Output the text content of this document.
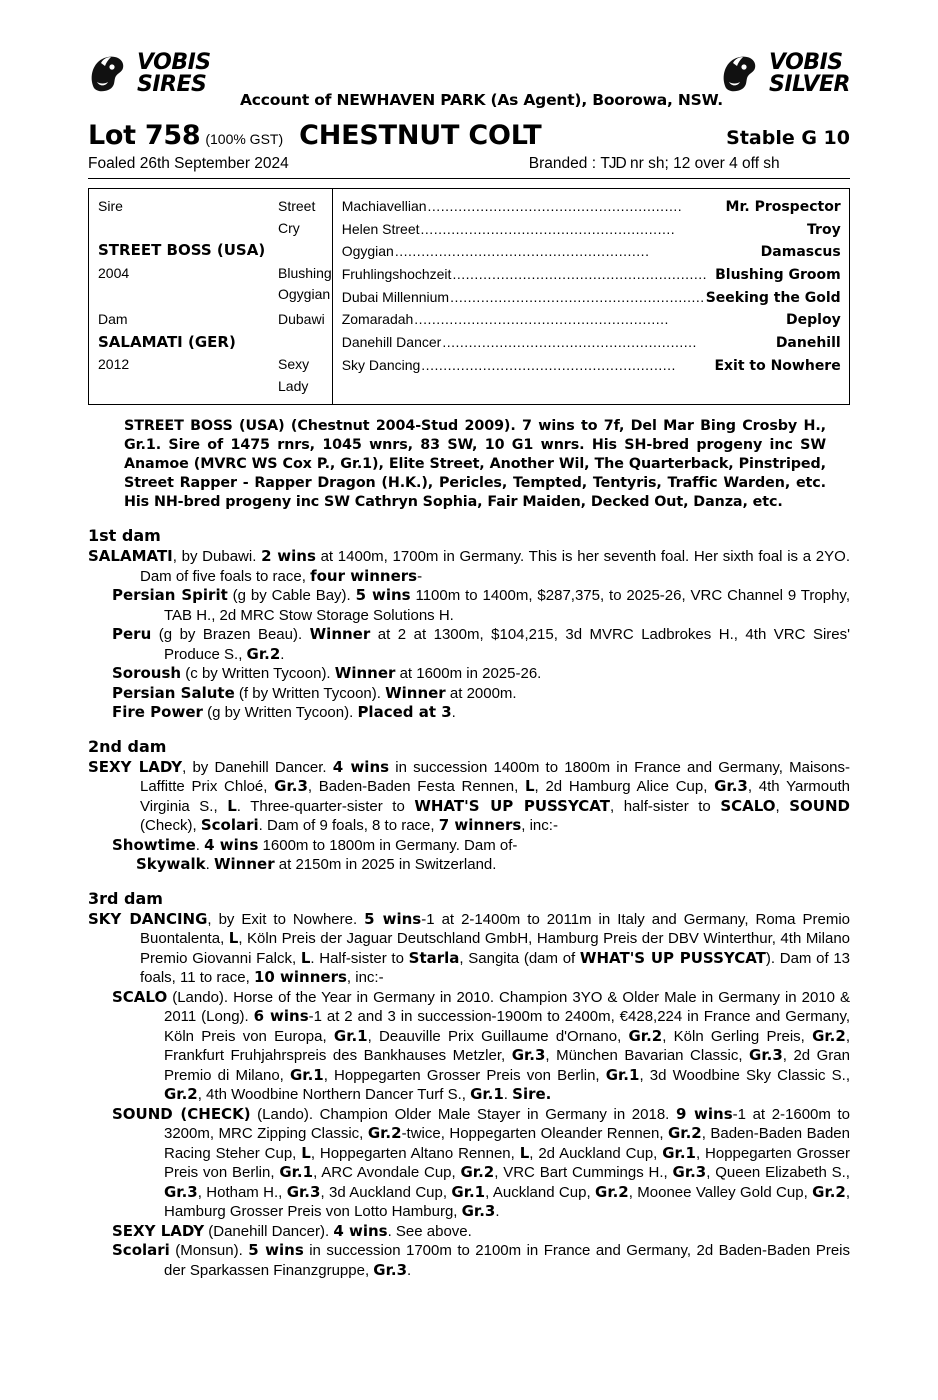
VOBIS
SIRES
VOBIS
SILVER
Account of NEWHAVEN PARK (As Agent), Boorowa, NSW.
Lot 758 (100% GST) CHESTNUT COLT	Stable G 10
Foaled 26th September 2024	Branded :
TJD
nr sh; 12 over 4 off sh
Sire	Street Cry
STREET BOSS (USA)
2004	Blushing Ogygian
Dam	Dubawi
SALAMATI (GER)
2012	Sexy Lady
Machiavellian ..........................................................	Mr. Prospector
Helen Street ..........................................................	Troy
Ogygian ..........................................................	Damascus
Fruhlingshochzeit .......................................................... Blushing Groom
Dubai Millennium .......................................................... Seeking the Gold
Zomaradah ..........................................................	Deploy
Danehill Dancer ..........................................................	Danehill
Sky Dancing ..........................................................	Exit to Nowhere
STREET BOSS (USA) (Chestnut 2004-Stud 2009). 7 wins to 7f, Del Mar Bing Crosby H., Gr.1. Sire of 1475 rnrs, 1045 wnrs, 83 SW, 10 G1 wnrs. His SH-bred progeny inc SW Anamoe (MVRC WS Cox P., Gr.1), Elite Street, Another Wil, The Quarterback, Pinstriped, Street Rapper - Rapper Dragon (H.K.), Pericles, Tempted, Tentyris, Traffic Warden, etc. His NH-bred progeny inc SW Cathryn Sophia, Fair Maiden, Decked Out, Danza, etc.
1st dam
SALAMATI, by Dubawi. 2 wins at 1400m, 1700m in Germany. This is her seventh foal. Her sixth foal is a 2YO. Dam of five foals to race, four winners-
Persian Spirit (g by Cable Bay). 5 wins 1100m to 1400m, $287,375, to 2025-26, VRC Channel 9 Trophy, TAB H., 2d MRC Stow Storage Solutions H.
Peru (g by Brazen Beau). Winner at 2 at 1300m, $104,215, 3d MVRC Ladbrokes H., 4th VRC Sires' Produce S., Gr.2.
Soroush (c by Written Tycoon). Winner at 1600m in 2025-26.
Persian Salute (f by Written Tycoon). Winner at 2000m.
Fire Power (g by Written Tycoon). Placed at 3.
2nd dam
SEXY LADY, by Danehill Dancer. 4 wins in succession 1400m to 1800m in France and Germany, Maisons-Laffitte Prix Chloé, Gr.3, Baden-Baden Festa Rennen, L, 2d Hamburg Alice Cup, Gr.3, 4th Yarmouth Virginia S., L. Three-quarter-sister to WHAT'S UP PUSSYCAT, half-sister to SCALO, SOUND (Check), Scolari. Dam of 9 foals, 8 to race, 7 winners, inc:-
Showtime. 4 wins 1600m to 1800m in Germany. Dam of-
Skywalk. Winner at 2150m in 2025 in Switzerland.
3rd dam
SKY DANCING, by Exit to Nowhere. 5 wins-1 at 2-1400m to 2011m in Italy and Germany, Roma Premio Buontalenta, L, Köln Preis der Jaguar Deutschland GmbH, Hamburg Preis der DBV Winterthur, 4th Milano Premio Giovanni Falck, L. Half-sister to Starla, Sangita (dam of WHAT'S UP PUSSYCAT). Dam of 13 foals, 11 to race, 10 winners, inc:-
SCALO (Lando). Horse of the Year in Germany in 2010. Champion 3YO & Older Male in Germany in 2010 & 2011 (Long). 6 wins-1 at 2 and 3 in succession-1900m to 2400m, €428,224 in France and Germany, Köln Preis von Europa, Gr.1, Deauville Prix Guillaume d'Ornano, Gr.2, Köln Gerling Preis, Gr.2, Frankfurt Fruhjahrspreis des Bankhauses Metzler, Gr.3, München Bavarian Classic, Gr.3, 2d Gran Premio di Milano, Gr.1, Hoppegarten Grosser Preis von Berlin, Gr.1, 3d Woodbine Sky Classic S., Gr.2, 4th Woodbine Northern Dancer Turf S., Gr.1. Sire.
SOUND (CHECK) (Lando). Champion Older Male Stayer in Germany in 2018. 9 wins-1 at 2-1600m to 3200m, MRC Zipping Classic, Gr.2-twice, Hoppegarten Oleander Rennen, Gr.2, Baden-Baden Baden Racing Steher Cup, L, Hoppegarten Altano Rennen, L, 2d Auckland Cup, Gr.1, Hoppegarten Grosser Preis von Berlin, Gr.1, ARC Avondale Cup, Gr.2, VRC Bart Cummings H., Gr.3, Queen Elizabeth S., Gr.3, Hotham H., Gr.3, 3d Auckland Cup, Gr.1, Auckland Cup, Gr.2, Moonee Valley Gold Cup, Gr.2, Hamburg Grosser Preis von Lotto Hamburg, Gr.3.
SEXY LADY (Danehill Dancer). 4 wins. See above.
Scolari (Monsun). 5 wins in succession 1700m to 2100m in France and Germany, 2d Baden-Baden Preis der Sparkassen Finanzgruppe, Gr.3.
